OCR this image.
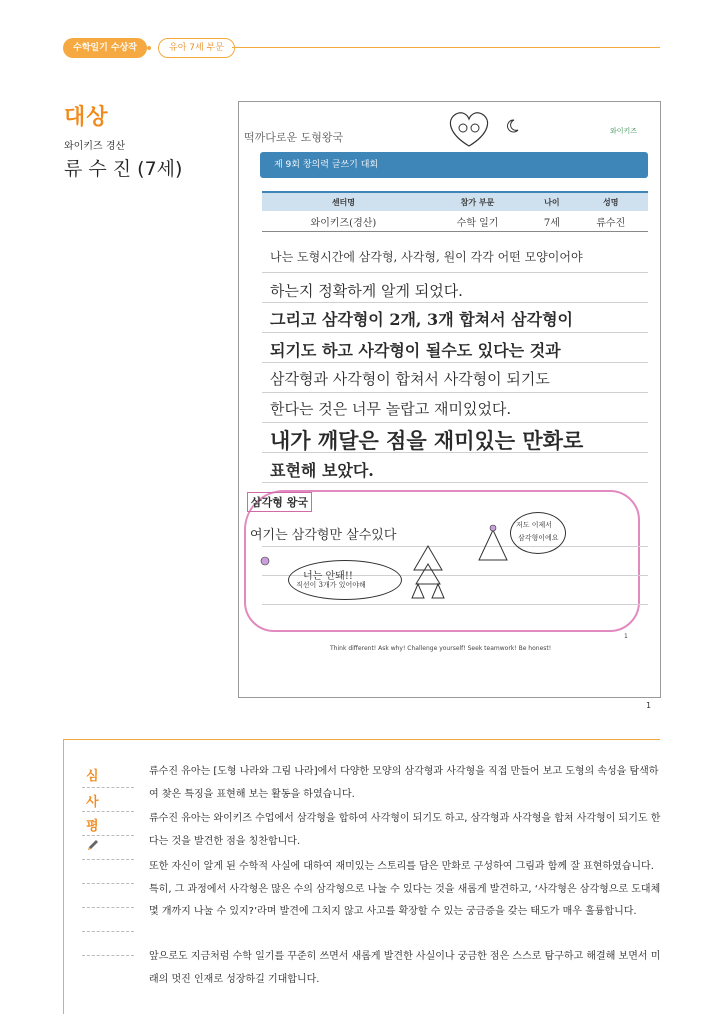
수학일기 수상작	유아 7세 부문
대상
와이키즈 경산
류 수 진 (7세)
떡까다로운 도형왕국	와이키즈
제 9회 창의력 글쓰기 대회
센터명	참가 부문	나이	성명
와이키즈(경산)	수학 일기	7세	류수진
나는 도형시간에 삼각형, 사각형, 원이 각각 어떤 모양이어야
하는지 정확하게 알게 되었다.
그리고 삼각형이 2개, 3개 합쳐서 삼각형이
되기도 하고 사각형이 될수도 있다는 것과
삼각형과 사각형이 합쳐서 사각형이 되기도
한다는 것은 너무 놀랍고 재미있었다.
내가 깨달은 점을 재미있는 만화로
표현해 보았다.
삼각형 왕국
여기는 삼각형만 살수있다
너는 안돼!!
직선이 3개가 있어야해
저도 이제서
삼각형이에요
Think different! Ask why! Challenge yourself! Seek teamwork! Be honest!
1
1
심
사
평
류수진 유아는 [도형 나라와 그림 나라]에서 다양한 모양의 삼각형과 사각형을 직접 만들어 보고 도형의 속성을 탐색하여 찾은 특징을 표현해 보는 활동을 하였습니다.
류수진 유아는 와이키즈 수업에서 삼각형을 합하여 사각형이 되기도 하고, 삼각형과 사각형을 합쳐 사각형이 되기도 한다는 것을 발견한 점을 칭찬합니다.
또한 자신이 알게 된 수학적 사실에 대하여 재미있는 스토리를 담은 만화로 구성하여 그림과 함께 잘 표현하였습니다. 특히, 그 과정에서 사각형은 많은 수의 삼각형으로 나눌 수 있다는 것을 새롭게 발견하고, ‘사각형은 삼각형으로 도대체 몇 개까지 나눌 수 있지?’라며 발견에 그치지 않고 사고를 확장할 수 있는 궁금증을 갖는 태도가 매우 훌륭합니다.
앞으로도 지금처럼 수학 일기를 꾸준히 쓰면서 새롭게 발견한 사실이나 궁금한 점은 스스로 탐구하고 해결해 보면서 미래의 멋진 인재로 성장하길 기대합니다.
